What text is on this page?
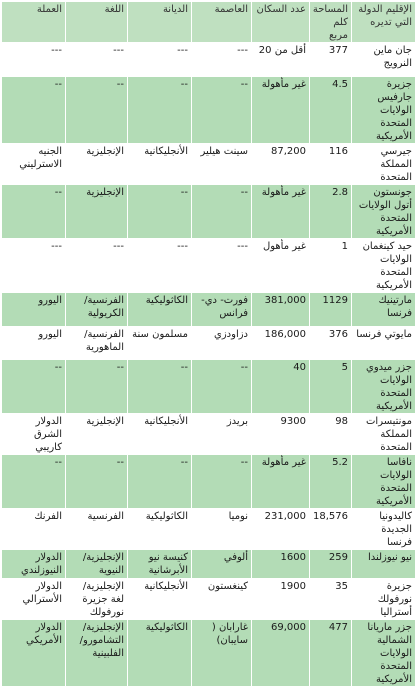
الإقليم الدولة التي تديره	المساحة كلم مربع	عدد السكان	العاصمة	الديانة	اللغة	العملة
جان ماين النرويج	377	أقل من 20	---	---	---	---
جزيرة جارفيس الولايات المتحدة الأمريكية	4.5	غير مأهولة	--	--	--	--
جيرسي المملكة المتحدة	116	87,200	سينت هيلير	الأنجليكانية	الإنجليزية	الجنيه الاسترليني
جونستون أتول الولايات المتحدة الأمريكية	2.8	غير مأهولة	--	--	الإنجليزية	--
حيد كينغمان الولايات المتحدة الأمريكية	1	غير مأهول	---	---	---	---
مارتينيك فرنسا	1129	381,000	فورت- دي- فرانس	الكاثوليكية	الفرنسية/ الكريولية	اليورو
مايوتي فرنسا	376	186,000	دزاودزي	مسلمون سنة	الفرنسية/ الماهورية	اليورو
جزر ميدوي الولايات المتحدة الأمريكية	5	40	--	--	--	--
مونتيسرات المملكة المتحدة	98	9300	بريدز	الأنجليكانية	الإنجليزية	الدولار الشرق كاريبي
نافاسا الولايات المتحدة الأمريكية	5.2	غير مأهولة	--	--	--	--
كاليدونيا الجديدة فرنسا	18,576	231,000	نوميا	الكاثوليكية	الفرنسية	الفرنك
نيو نيوزلندا	259	1600	ألوفي	كنيسة نيو الأبرشانية	الإنجليزية/ النيوية	الدولار النيوزلندي
جزيرة نورفولك أستراليا	35	1900	كينغستون	الأنجليكانية	الإنجليزية/ لغة جزيرة نورفولك	الدولار الأسترالي
جزر ماريانا الشمالية الولايات المتحدة الأمريكية	477	69,000	غارابان ( سايبان)	الكاثوليكية	الإنجليزية/ التشامورو/ الفلبينية	الدولار الأمريكي
